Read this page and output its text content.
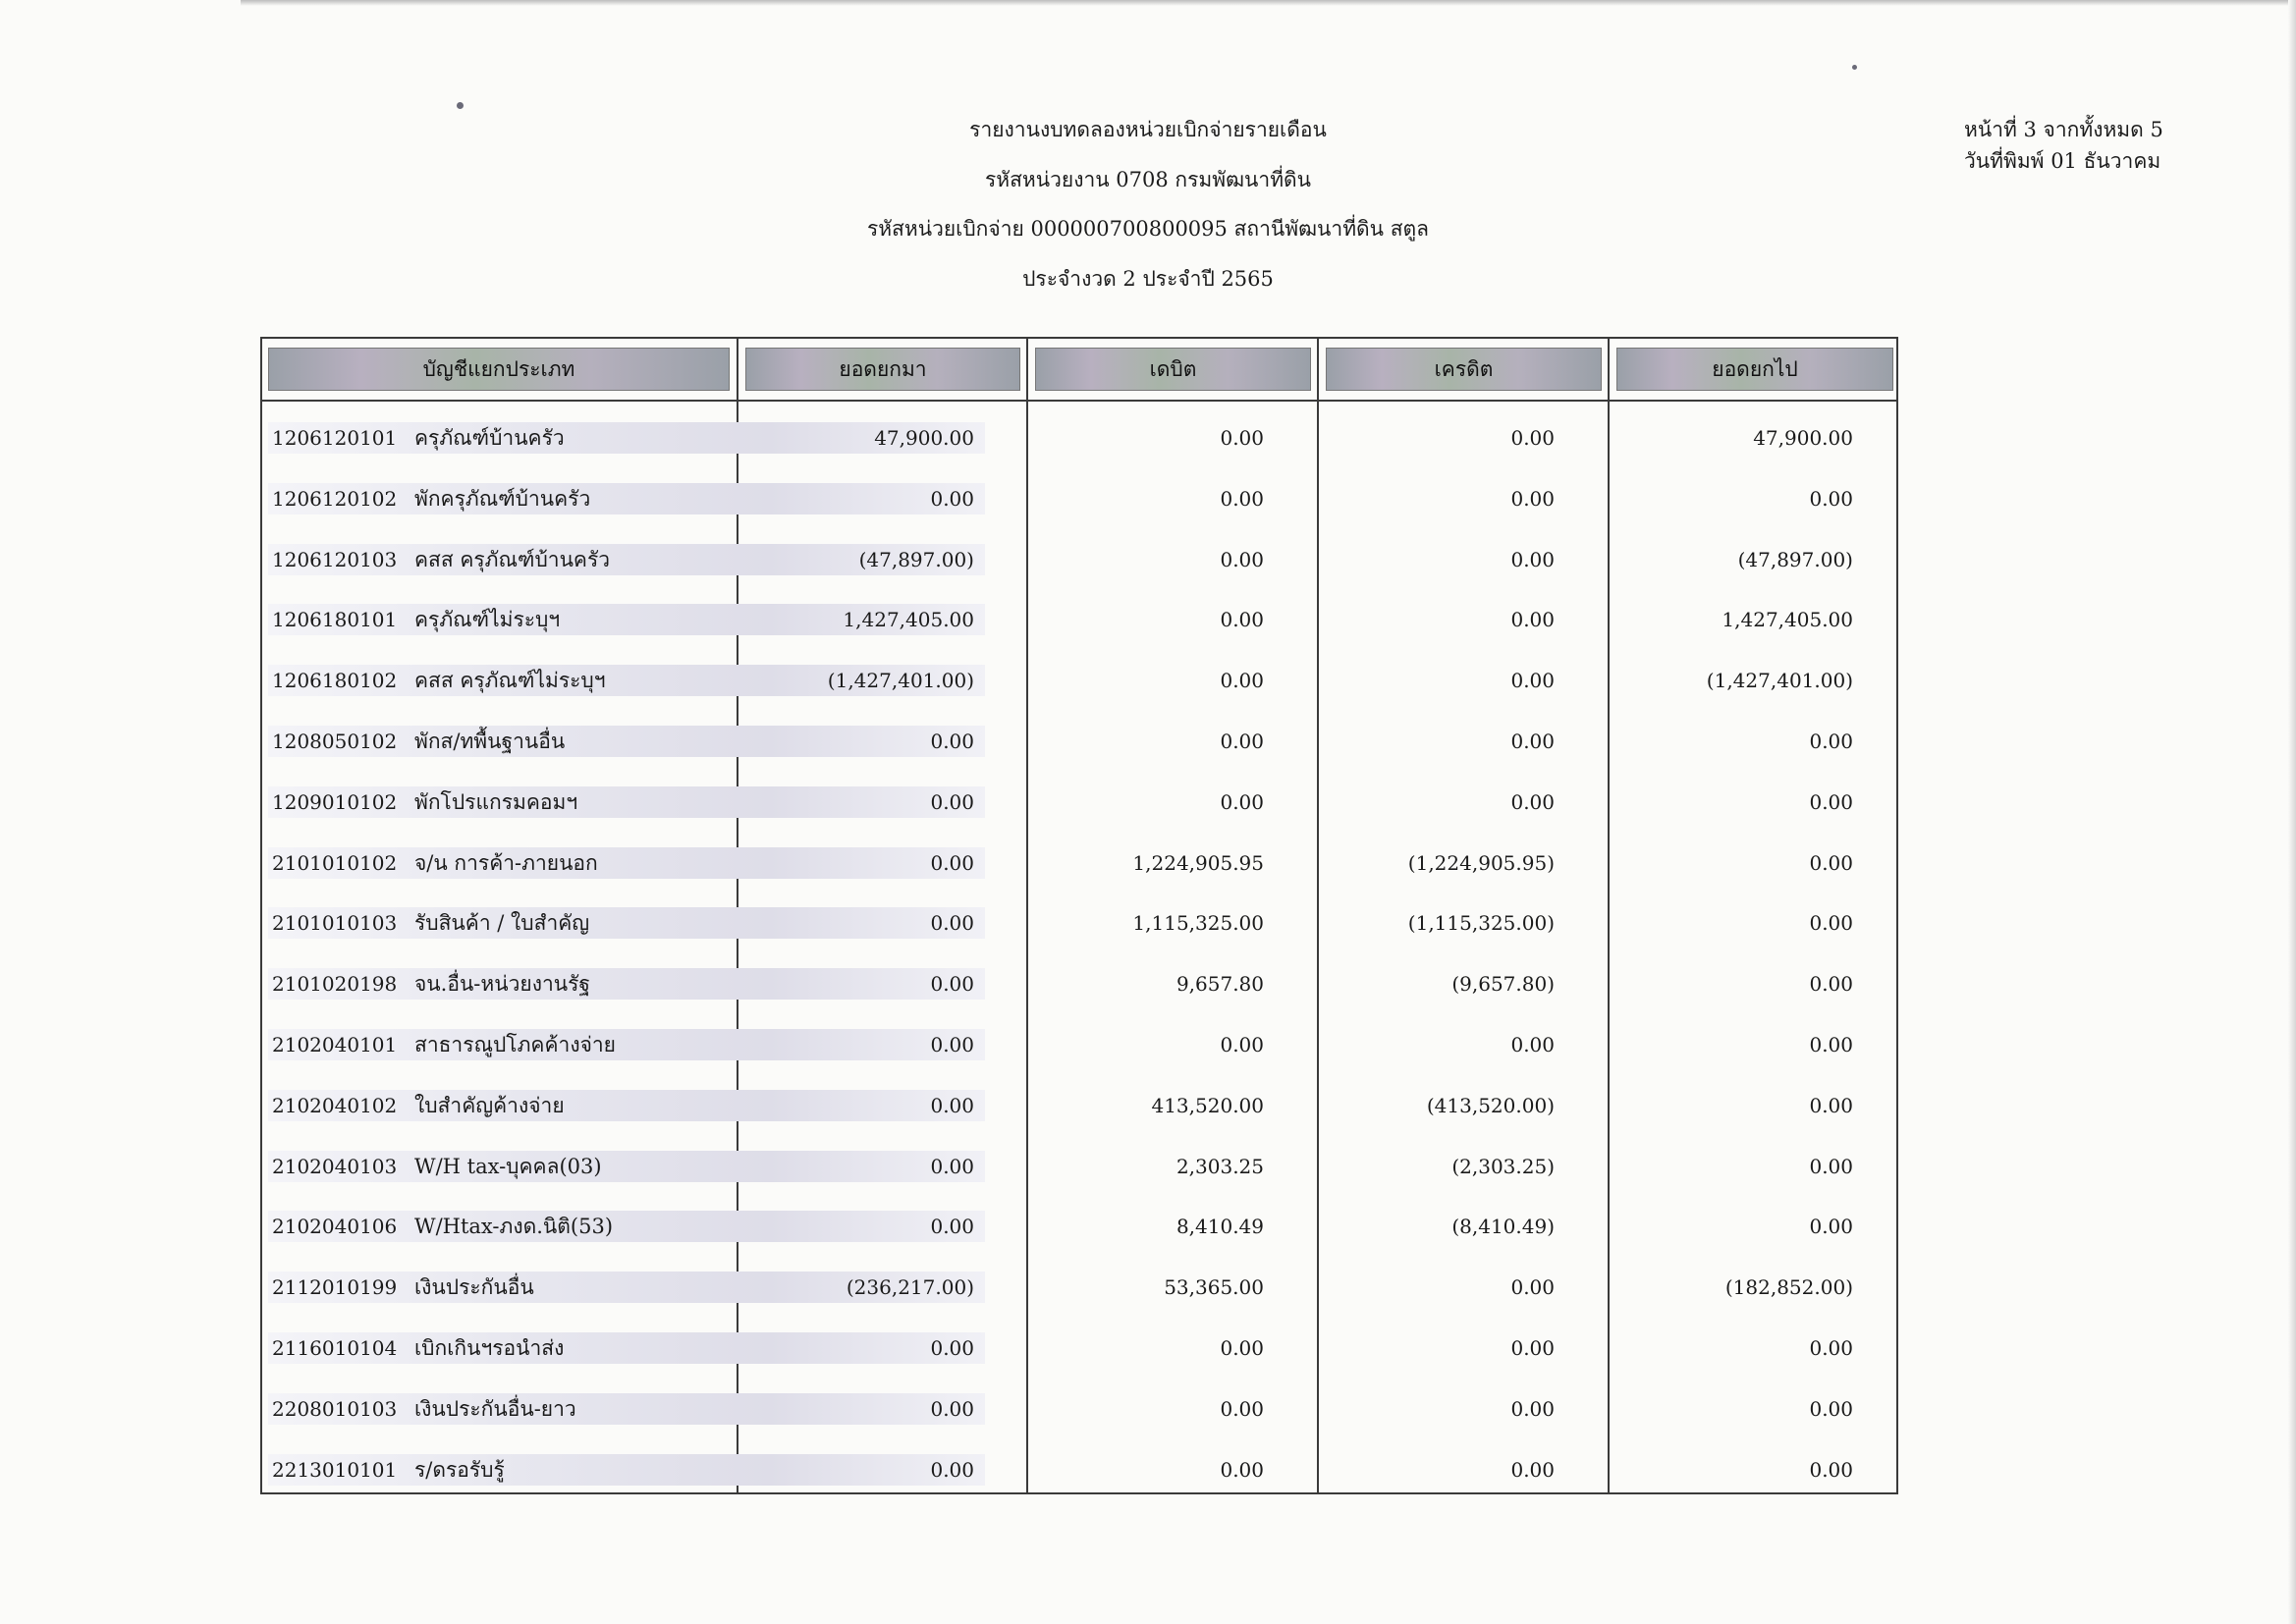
รายงานงบทดลองหน่วยเบิกจ่ายรายเดือน
รหัสหน่วยงาน 0708 กรมพัฒนาที่ดิน
รหัสหน่วยเบิกจ่าย 000000700800095 สถานีพัฒนาที่ดิน สตูล
ประจำงวด 2 ประจำปี 2565
หน้าที่ 3 จากทั้งหมด 5
วันที่พิมพ์ 01 ธันวาคม
บัญชีแยกประเภท	ยอดยกมา	เดบิต	เครดิต	ยอดยกไป
1206120101 ครุภัณฑ์บ้านครัว	47,900.00	0.00	0.00	47,900.00
1206120102 พักครุภัณฑ์บ้านครัว	0.00	0.00	0.00	0.00
1206120103 คสส ครุภัณฑ์บ้านครัว	(47,897.00)	0.00	0.00	(47,897.00)
1206180101 ครุภัณฑ์ไม่ระบุฯ	1,427,405.00	0.00	0.00	1,427,405.00
1206180102 คสส ครุภัณฑ์ไม่ระบุฯ	(1,427,401.00)	0.00	0.00	(1,427,401.00)
1208050102 พักส/ทพื้นฐานอื่น	0.00	0.00	0.00	0.00
1209010102 พักโปรแกรมคอมฯ	0.00	0.00	0.00	0.00
2101010102 จ/น การค้า-ภายนอก	0.00	1,224,905.95	(1,224,905.95)	0.00
2101010103 รับสินค้า / ใบสำคัญ	0.00	1,115,325.00	(1,115,325.00)	0.00
2101020198 จน.อื่น-หน่วยงานรัฐ	0.00	9,657.80	(9,657.80)	0.00
2102040101 สาธารณูปโภคค้างจ่าย	0.00	0.00	0.00	0.00
2102040102 ใบสำคัญค้างจ่าย	0.00	413,520.00	(413,520.00)	0.00
2102040103 W/H tax-บุคคล(03)	0.00	2,303.25	(2,303.25)	0.00
2102040106 W/Htax-ภงด.นิติ(53)	0.00	8,410.49	(8,410.49)	0.00
2112010199 เงินประกันอื่น	(236,217.00)	53,365.00	0.00	(182,852.00)
2116010104 เบิกเกินฯรอนำส่ง	0.00	0.00	0.00	0.00
2208010103 เงินประกันอื่น-ยาว	0.00	0.00	0.00	0.00
2213010101 ร/ดรอรับรู้	0.00	0.00	0.00	0.00
